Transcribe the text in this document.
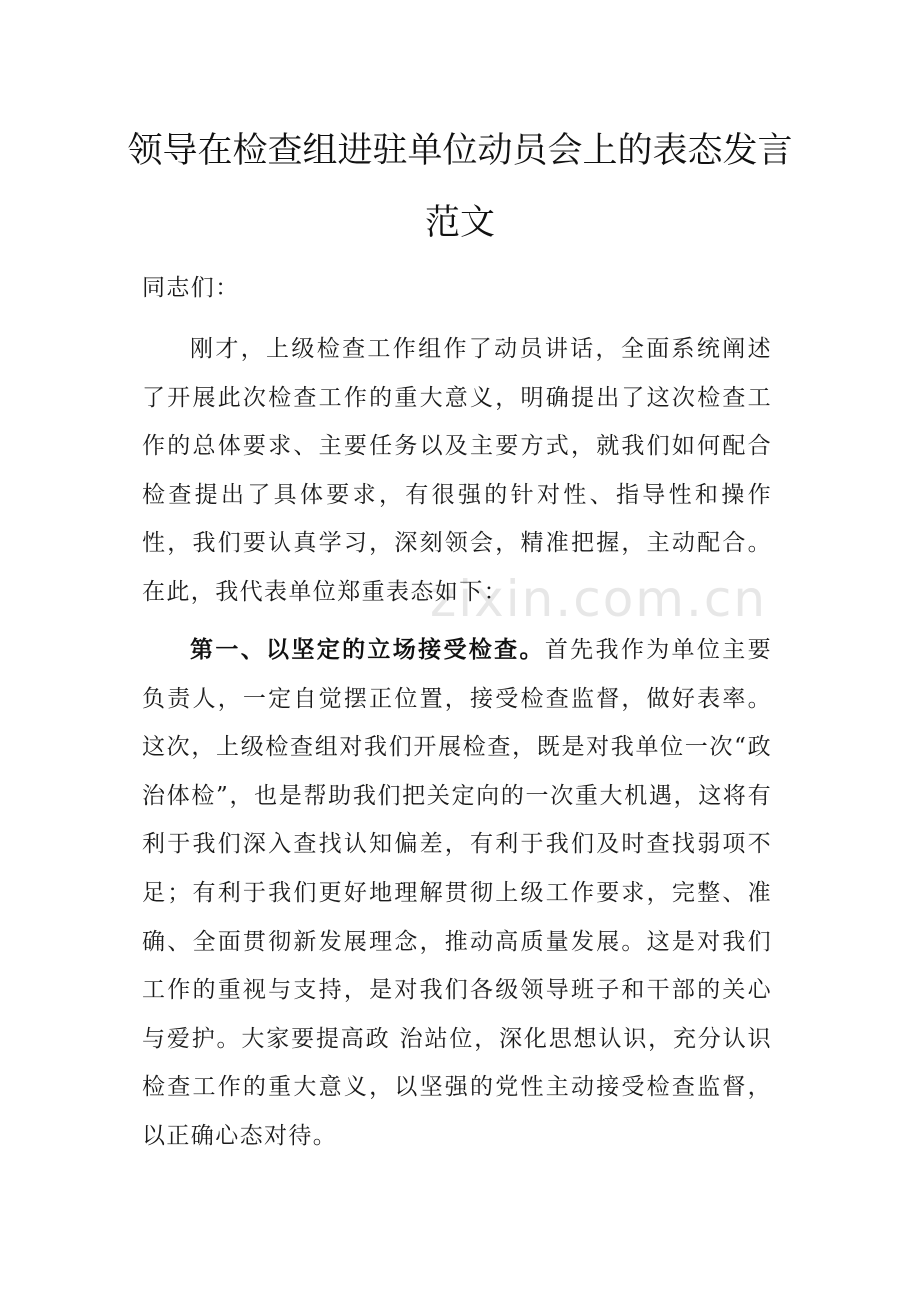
zixin.com.cn
领导在检查组进驻单位动员会上的表态发言
范文
同志们：
刚才，上级检查工作组作了动员讲话，全面系统阐述了开展此次检查工作的重大意义，明确提出了这次检查工作的总体要求、主要任务以及主要方式，就我们如何配合检查提出了具体要求，有很强的针对性、指导性和操作性，我们要认真学习，深刻领会，精准把握，主动配合。在此，我代表单位郑重表态如下：
第一、以坚定的立场接受检查。首先我作为单位主要负责人，一定自觉摆正位置，接受检查监督，做好表率。这次，上级检查组对我们开展检查，既是对我单位一次“政治体检”，也是帮助我们把关定向的一次重大机遇，这将有利于我们深入查找认知偏差，有利于我们及时查找弱项不足；有利于我们更好地理解贯彻上级工作要求，完整、准确、全面贯彻新发展理念，推动高质量发展。这是对我们工作的重视与支持，是对我们各级领导班子和干部的关心与爱护。大家要提高政 治站位，深化思想认识，充分认识检查工作的重大意义，以坚强的党性主动接受检查监督，以正确心态对待。
